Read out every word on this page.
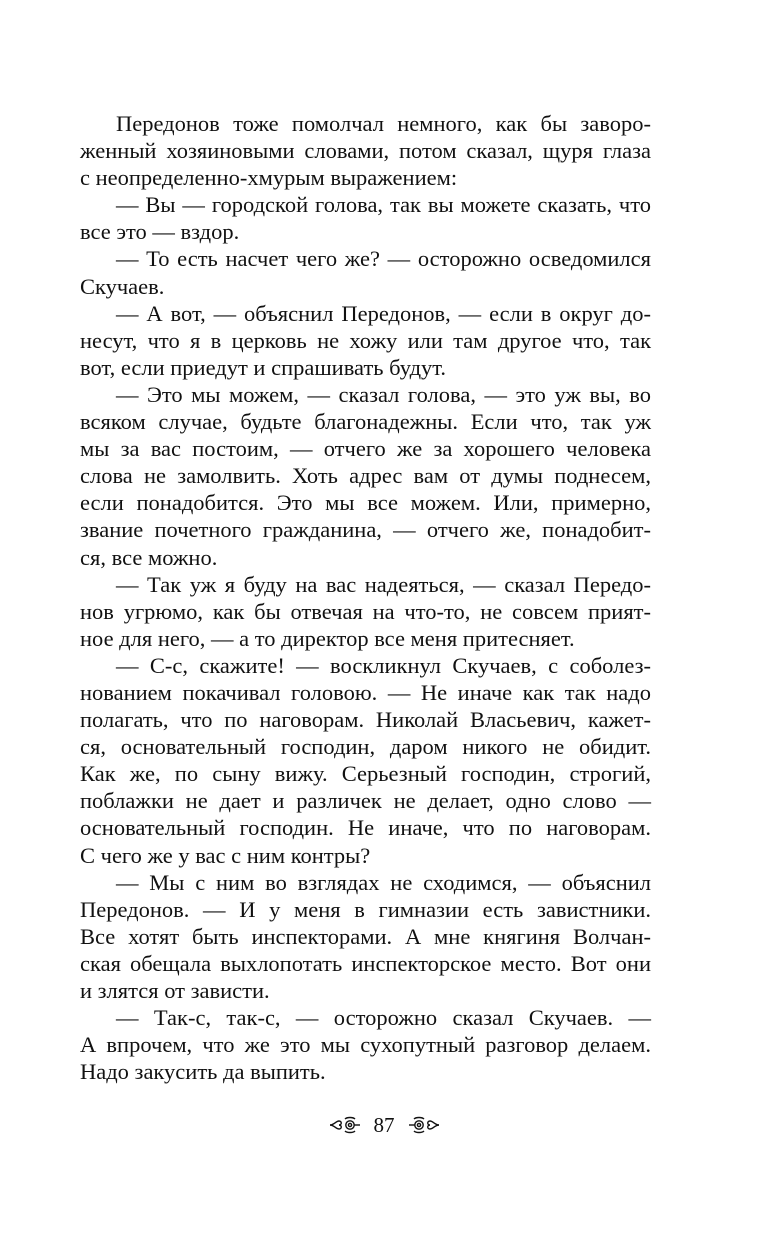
Передонов тоже помолчал немного, как бы заворо-
женный хозяиновыми словами, потом сказал, щуря глаза
с неопределенно-хмурым выражением:
— Вы — городской голова, так вы можете сказать, что
все это — вздор.
— То есть насчет чего же? — осторожно осведомился
Скучаев.
— А вот, — объяснил Передонов, — если в округ до-
несут, что я в церковь не хожу или там другое что, так
вот, если приедут и спрашивать будут.
— Это мы можем, — сказал голова, — это уж вы, во
всяком случае, будьте благонадежны. Если что, так уж
мы за вас постоим, — отчего же за хорошего человека
слова не замолвить. Хоть адрес вам от думы поднесем,
если понадобится. Это мы все можем. Или, примерно,
звание почетного гражданина, — отчего же, понадобит-
ся, все можно.
— Так уж я буду на вас надеяться, — сказал Передо-
нов угрюмо, как бы отвечая на что-то, не совсем прият-
ное для него, — а то директор все меня притесняет.
— С-с, скажите! — воскликнул Скучаев, с соболез-
нованием покачивал головою. — Не иначе как так надо
полагать, что по наговорам. Николай Власьевич, кажет-
ся, основательный господин, даром никого не обидит.
Как же, по сыну вижу. Серьезный господин, строгий,
поблажки не дает и различек не делает, одно слово —
основательный господин. Не иначе, что по наговорам.
С чего же у вас с ним контры?
— Мы с ним во взглядах не сходимся, — объяснил
Передонов. — И у меня в гимназии есть завистники.
Все хотят быть инспекторами. А мне княгиня Волчан-
ская обещала выхлопотать инспекторское место. Вот они
и злятся от зависти.
— Так-с, так-с, — осторожно сказал Скучаев. —
А впрочем, что же это мы сухопутный разговор делаем.
Надо закусить да выпить.
87
